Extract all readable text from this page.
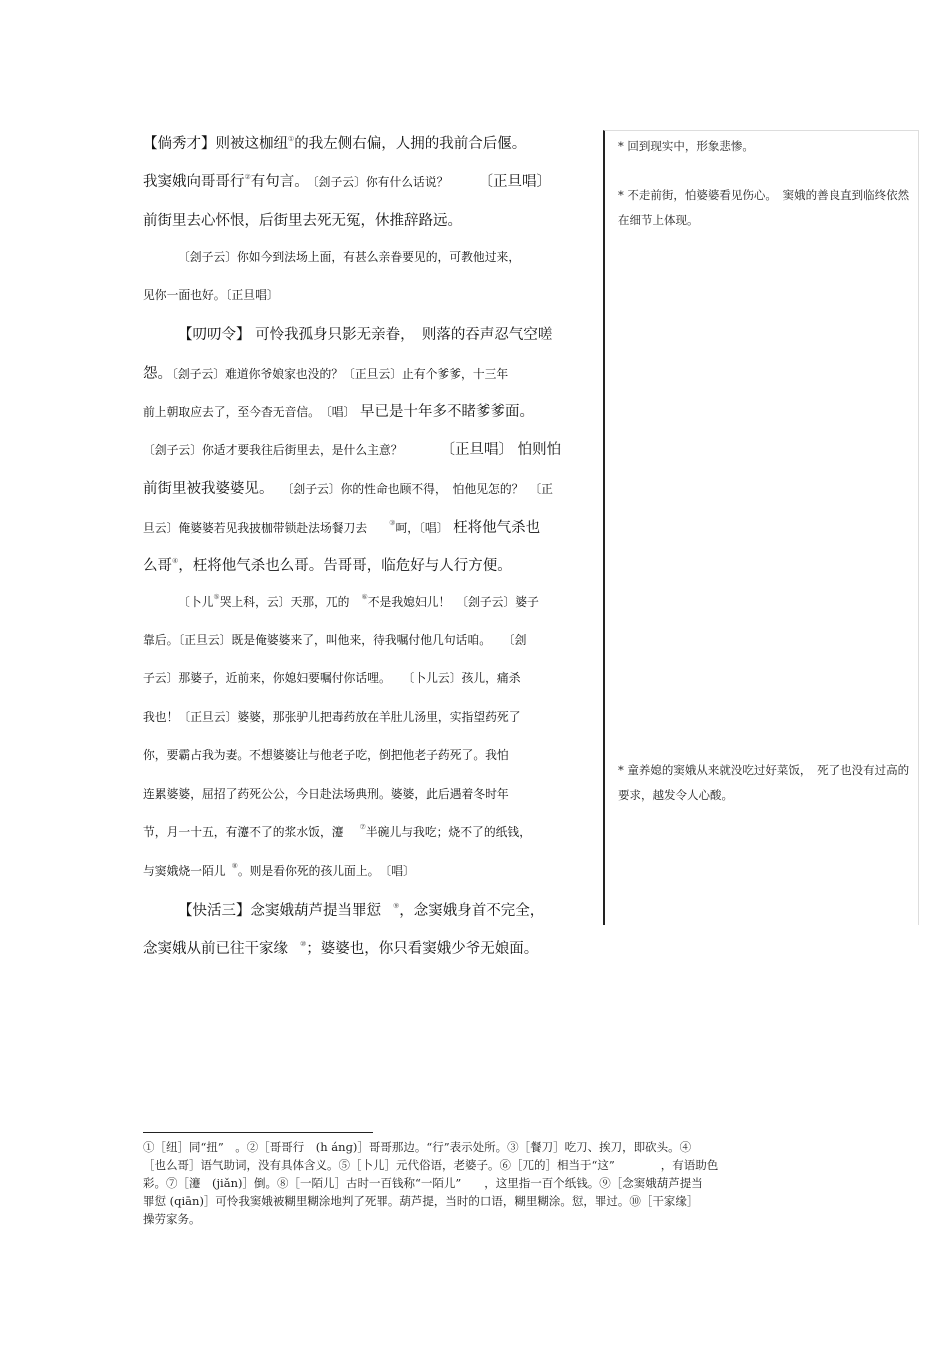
【倘秀才】则被这枷纽①的我左侧右偏，人拥的我前合后偃。
我窦娥向哥哥行②有句言。 〔刽子云〕你有什么话说？ 〔正旦唱〕
前街里去心怀恨，后街里去死无冤，休推辞路远。
〔刽子云〕你如今到法场上面，有甚么亲眷要见的，可教他过来，
见你一面也好。〔正旦唱〕
【叨叨令】 可怜我孤身只影无亲眷，　则落的吞声忍气空嗟
怨。〔刽子云〕难道你爷娘家也没的？〔正旦云〕止有个爹爹，十三年
前上朝取应去了，至今杳无音信。　〔唱〕 早已是十年多不睹爹爹面。
〔刽子云〕你适才要我往后街里去，是什么主意？	〔正旦唱〕 怕则怕
前街里被我婆婆见。 〔刽子云〕你的性命也顾不得，　怕他见怎的？　〔正
旦云〕俺婆婆若见我披枷带锁赴法场餐刀去	③呵，〔唱〕 枉将他气杀也
么哥④，枉将他气杀也么哥。告哥哥，临危好与人行方便。
〔卜儿⑤哭上科，云〕天那，兀的 ⑥不是我媳妇儿！　〔刽子云〕婆子
靠后。〔正旦云〕既是俺婆婆来了，叫他来，待我嘱付他几句话咱。　　〔刽
子云〕那婆子，近前来，你媳妇要嘱付你话哩。　　〔卜儿云〕孩儿，痛杀
我也！〔正旦云〕婆婆，那张驴儿把毒药放在羊肚儿汤里，实指望药死了
你，要霸占我为妻。不想婆婆让与他老子吃，倒把他老子药死了。我怕
连累婆婆，屈招了药死公公，今日赴法场典刑。婆婆，此后遇着冬时年
节，月一十五，有瀽不了的浆水饭，瀽 ⑦半碗儿与我吃；烧不了的纸钱，
与窦娥烧一陌儿 ⑧。则是看你死的孩儿面上。　〔唱〕
【快活三】念窦娥葫芦提当罪愆 ⑨，念窦娥身首不完全，
念窦娥从前已往干家缘 ⑩；婆婆也，你只看窦娥少爷无娘面。
* 回到现实中，形象悲惨。
* 不走前街，怕婆婆看见伤心。　窦娥的善良直到临终依然在细节上体现。
* 童养媳的窦娥从来就没吃过好菜饭，　死了也没有过高的要求，越发令人心酸。
①［纽］同“扭”　。②［哥哥行　(h ánɡ)］哥哥那边。“行”表示处所。③［餐刀］吃刀、挨刀，即砍头。④
［也么哥］语气助词，没有具体含义。⑤［卜儿］元代俗语，老婆子。⑥［兀的］相当于“这”　　　　，有语助色
彩。⑦［瀽　(jiǎn)］倒。⑧［一陌儿］古时一百钱称“一陌儿”　　，这里指一百个纸钱。⑨［念窦娥葫芦提当
罪愆 (qiān)］可怜我窦娥被糊里糊涂地判了死罪。葫芦提，当时的口语，糊里糊涂。愆，罪过。⑩［干家缘］
操劳家务。
